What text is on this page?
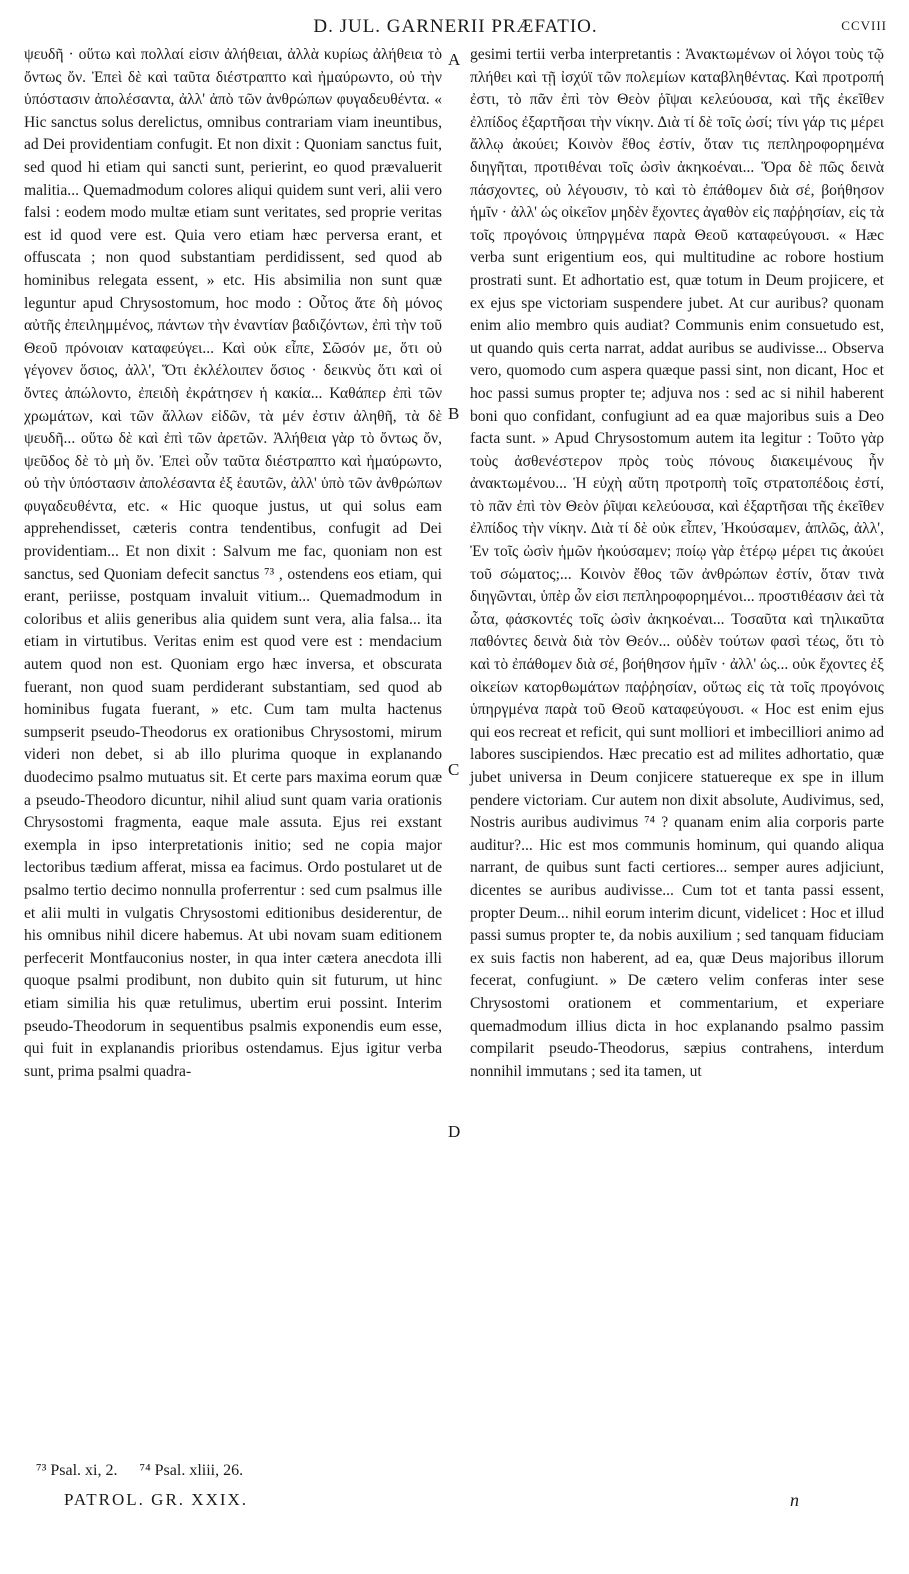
D. JUL. GARNERII PRÆFATIO.	CCVIII
A
B
C
D

ψευδῆ · οὕτω καὶ πολλαί εἰσιν ἀλήθειαι, ἀλλὰ κυρίως ἀλήθεια τὸ ὄντως ὄν. Ἐπεὶ δὲ καὶ ταῦτα διέστραπτο καὶ ἠμαύρωντο, οὐ τὴν ὑπόστασιν ἀπολέσαντα, ἀλλ' ἀπὸ τῶν ἀνθρώπων φυγαδευθέντα. « Hic sanctus solus derelictus, omnibus contrariam viam ineuntibus, ad Dei providentiam confugit. Et non dixit : Quoniam sanctus fuit, sed quod hi etiam qui sancti sunt, perierint, eo quod prævaluerit malitia... Quemadmodum colores aliqui quidem sunt veri, alii vero falsi : eodem modo multæ etiam sunt veritates, sed proprie veritas est id quod vere est. Quia vero etiam hæc perversa erant, et offuscata ; non quod substantiam perdidissent, sed quod ab hominibus relegata essent, » etc. His absimilia non sunt quæ leguntur apud Chrysostomum, hoc modo : Οὗτος ἅτε δὴ μόνος αὐτῆς ἐπειλημμένος, πάντων τὴν ἐναντίαν βαδιζόντων, ἐπὶ τὴν τοῦ Θεοῦ πρόνοιαν καταφεύγει... Καὶ οὐκ εἶπε, Σῶσόν με, ὅτι οὐ γέγονεν ὅσιος, ἀλλ', Ὅτι ἐκλέλοιπεν ὅσιος · δεικνὺς ὅτι καὶ οἱ ὄντες ἀπώλοντο, ἐπειδὴ ἐκράτησεν ἡ κακία... Καθάπερ ἐπὶ τῶν χρωμάτων, καὶ τῶν ἄλλων εἰδῶν, τὰ μέν ἐστιν ἀληθῆ, τὰ δὲ ψευδῆ... οὕτω δὲ καὶ ἐπὶ τῶν ἀρετῶν. Ἀλήθεια γὰρ τὸ ὄντως ὄν, ψεῦδος δὲ τὸ μὴ ὄν. Ἐπεὶ οὖν ταῦτα διέστραπτο καὶ ἠμαύρωντο, οὐ τὴν ὑπόστασιν ἀπολέσαντα ἐξ ἑαυτῶν, ἀλλ' ὑπὸ τῶν ἀνθρώπων φυγαδευθέντα, etc. « Hic quoque justus, ut qui solus eam apprehendisset, cæteris contra tendentibus, confugit ad Dei providentiam... Et non dixit : Salvum me fac, quoniam non est sanctus, sed Quoniam defecit sanctus ⁷³ , ostendens eos etiam, qui erant, periisse, postquam invaluit vitium... Quemadmodum in coloribus et aliis generibus alia quidem sunt vera, alia falsa... ita etiam in virtutibus. Veritas enim est quod vere est : mendacium autem quod non est. Quoniam ergo hæc inversa, et obscurata fuerant, non quod suam perdiderant substantiam, sed quod ab hominibus fugata fuerant, » etc. Cum tam multa hactenus sumpserit pseudo-Theodorus ex orationibus Chrysostomi, mirum videri non debet, si ab illo plurima quoque in explanando duodecimo psalmo mutuatus sit. Et certe pars maxima eorum quæ a pseudo-Theodoro dicuntur, nihil aliud sunt quam varia orationis Chrysostomi fragmenta, eaque male assuta. Ejus rei exstant exempla in ipso interpretationis initio; sed ne copia major lectoribus tædium afferat, missa ea facimus. Ordo postularet ut de psalmo tertio decimo nonnulla proferrentur : sed cum psalmus ille et alii multi in vulgatis Chrysostomi editionibus desiderentur, de his omnibus nihil dicere habemus. At ubi novam suam editionem perfecerit Montfauconius noster, in qua inter cætera anecdota illi quoque psalmi prodibunt, non dubito quin sit futurum, ut hinc etiam similia his quæ retulimus, ubertim erui possint. Interim pseudo-Theodorum in sequentibus psalmis exponendis eum esse, qui fuit in explanandis prioribus ostendamus. Ejus igitur verba sunt, prima psalmi quadra-

gesimi tertii verba interpretantis : Ἀνακτωμένων οἱ λόγοι τοὺς τῷ πλήθει καὶ τῇ ἰσχύϊ τῶν πολεμίων καταβληθέντας. Καὶ προτροπή ἐστι, τὸ πᾶν ἐπὶ τὸν Θεὸν ῥῖψαι κελεύουσα, καὶ τῆς ἐκεῖθεν ἐλπίδος ἐξαρτῆσαι τὴν νίκην. Διὰ τί δὲ τοῖς ὠσί; τίνι γάρ τις μέρει ἄλλῳ ἀκούει; Κοινὸν ἔθος ἐστίν, ὅταν τις πεπληροφορημένα διηγῆται, προτιθέναι τοῖς ὠσὶν ἀκηκοέναι... Ὅρα δὲ πῶς δεινὰ πάσχοντες, οὐ λέγουσιν, τὸ καὶ τὸ ἐπάθομεν διὰ σέ, βοήθησον ἡμῖν · ἀλλ' ὡς οἰκεῖον μηδὲν ἔχοντες ἀγαθὸν εἰς παῤῥησίαν, εἰς τὰ τοῖς προγόνοις ὑπηργμένα παρὰ Θεοῦ καταφεύγουσι. « Hæc verba sunt erigentium eos, qui multitudine ac robore hostium prostrati sunt. Et adhortatio est, quæ totum in Deum projicere, et ex ejus spe victoriam suspendere jubet. At cur auribus? quonam enim alio membro quis audiat? Communis enim consuetudo est, ut quando quis certa narrat, addat auribus se audivisse... Observa vero, quomodo cum aspera quæque passi sint, non dicant, Hoc et hoc passi sumus propter te; adjuva nos : sed ac si nihil haberent boni quo confidant, confugiunt ad ea quæ majoribus suis a Deo facta sunt. » Apud Chrysostomum autem ita legitur : Τοῦτο γὰρ τοὺς ἀσθενέστερον πρὸς τοὺς πόνους διακειμένους ἦν ἀνακτωμένου... Ἡ εὐχὴ αὕτη προτροπὴ τοῖς στρατοπέδοις ἐστί, τὸ πᾶν ἐπὶ τὸν Θεὸν ῥῖψαι κελεύουσα, καὶ ἐξαρτῆσαι τῆς ἐκεῖθεν ἐλπίδος τὴν νίκην. Διὰ τί δὲ οὐκ εἶπεν, Ἠκούσαμεν, ἁπλῶς, ἀλλ', Ἐν τοῖς ὠσὶν ἡμῶν ἠκούσαμεν; ποίῳ γὰρ ἑτέρῳ μέρει τις ἀκούει τοῦ σώματος;... Κοινὸν ἔθος τῶν ἀνθρώπων ἐστίν, ὅταν τινὰ διηγῶνται, ὑπὲρ ὧν εἰσι πεπληροφορημένοι... προστιθέασιν ἀεὶ τὰ ὦτα, φάσκοντές τοῖς ὠσὶν ἀκηκοέναι... Τοσαῦτα καὶ τηλικαῦτα παθόντες δεινὰ διὰ τὸν Θεόν... οὐδὲν τούτων φασὶ τέως, ὅτι τὸ καὶ τὸ ἐπάθομεν διὰ σέ, βοήθησον ἡμῖν · ἀλλ' ὡς... οὐκ ἔχοντες ἐξ οἰκείων κατορθωμάτων παῤῥησίαν, οὕτως εἰς τὰ τοῖς προγόνοις ὑπηργμένα παρὰ τοῦ Θεοῦ καταφεύγουσι. « Hoc est enim ejus qui eos recreat et reficit, qui sunt molliori et imbecilliori animo ad labores suscipiendos. Hæc precatio est ad milites adhortatio, quæ jubet universa in Deum conjicere statuereque ex spe in illum pendere victoriam. Cur autem non dixit absolute, Audivimus, sed, Nostris auribus audivimus ⁷⁴ ? quanam enim alia corporis parte auditur?... Hic est mos communis hominum, qui quando aliqua narrant, de quibus sunt facti certiores... semper aures adjiciunt, dicentes se auribus audivisse... Cum tot et tanta passi essent, propter Deum... nihil eorum interim dicunt, videlicet : Hoc et illud passi sumus propter te, da nobis auxilium ; sed tanquam fiduciam ex suis factis non haberent, ad ea, quæ Deus majoribus illorum fecerat, confugiunt. » De cætero velim conferas inter sese Chrysostomi orationem et commentarium, et experiare quemadmodum illius dicta in hoc explanando psalmo passim compilarit pseudo-Theodorus, sæpius contrahens, interdum nonnihil immutans ; sed ita tamen, ut

⁷³ Psal. xi, 2. ⁷⁴ Psal. xliii, 26.
PATROL. GR. XXIX.	n
